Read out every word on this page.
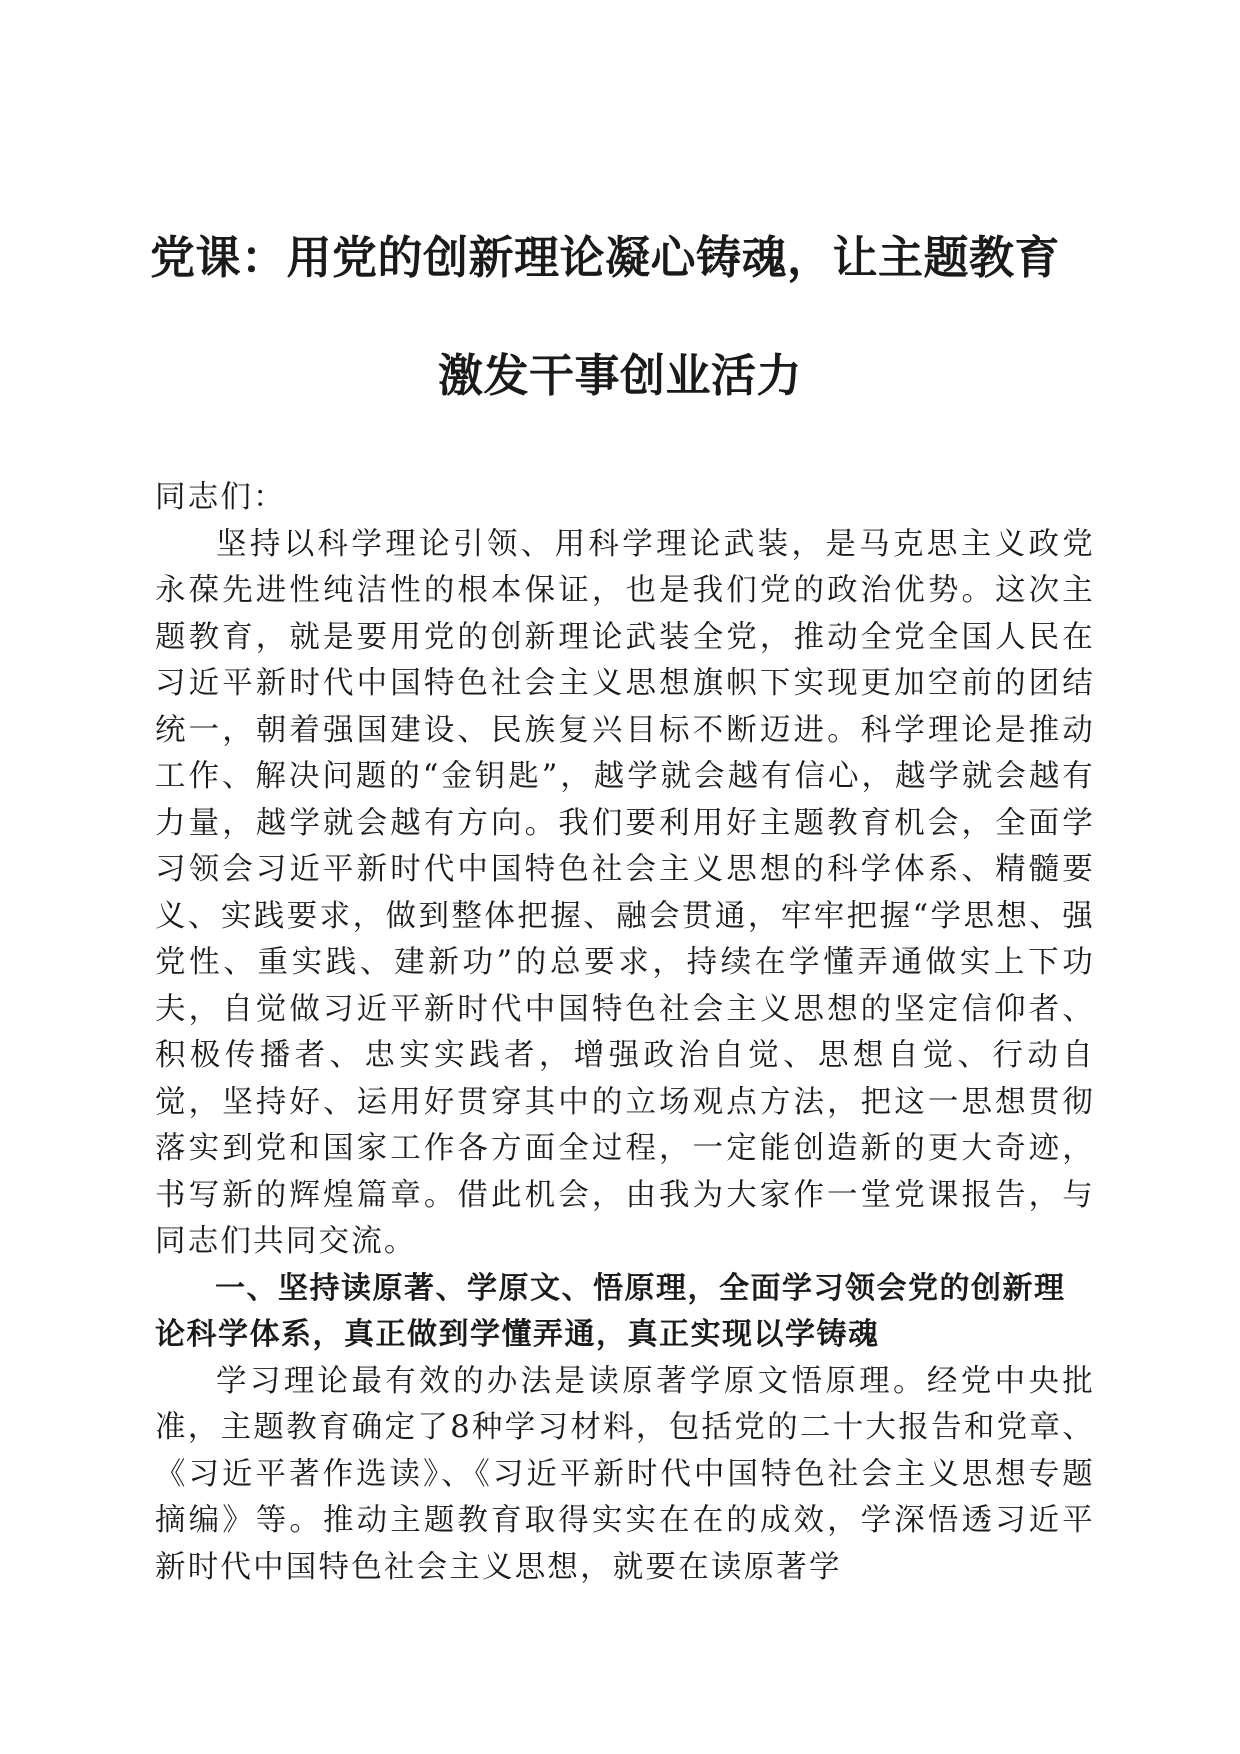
党课：用党的创新理论凝心铸魂，让主题教育
激发干事创业活力

同志们：

坚持以科学理论引领、用科学理论武装，是马克思主义政党永葆先进性纯洁性的根本保证，也是我们党的政治优势。这次主题教育，就是要用党的创新理论武装全党，推动全党全国人民在习近平新时代中国特色社会主义思想旗帜下实现更加空前的团结统一，朝着强国建设、民族复兴目标不断迈进。科学理论是推动工作、解决问题的“金钥匙”，越学就会越有信心，越学就会越有力量，越学就会越有方向。我们要利用好主题教育机会，全面学习领会习近平新时代中国特色社会主义思想的科学体系、精髓要义、实践要求，做到整体把握、融会贯通，牢牢把握“学思想、强党性、重实践、建新功”的总要求，持续在学懂弄通做实上下功夫，自觉做习近平新时代中国特色社会主义思想的坚定信仰者、积极传播者、忠实实践者，增强政治自觉、思想自觉、行动自觉，坚持好、运用好贯穿其中的立场观点方法，把这一思想贯彻落实到党和国家工作各方面全过程，一定能创造新的更大奇迹，书写新的辉煌篇章。借此机会，由我为大家作一堂党课报告，与同志们共同交流。

一、坚持读原著、学原文、悟原理，全面学习领会党的创新理论科学体系，真正做到学懂弄通，真正实现以学铸魂

学习理论最有效的办法是读原著学原文悟原理。经党中央批准，主题教育确定了8种学习材料，包括党的二十大报告和党章、《习近平著作选读》、《习近平新时代中国特色社会主义思想专题摘编》等。推动主题教育取得实实在在的成效，学深悟透习近平新时代中国特色社会主义思想，就要在读原著学
